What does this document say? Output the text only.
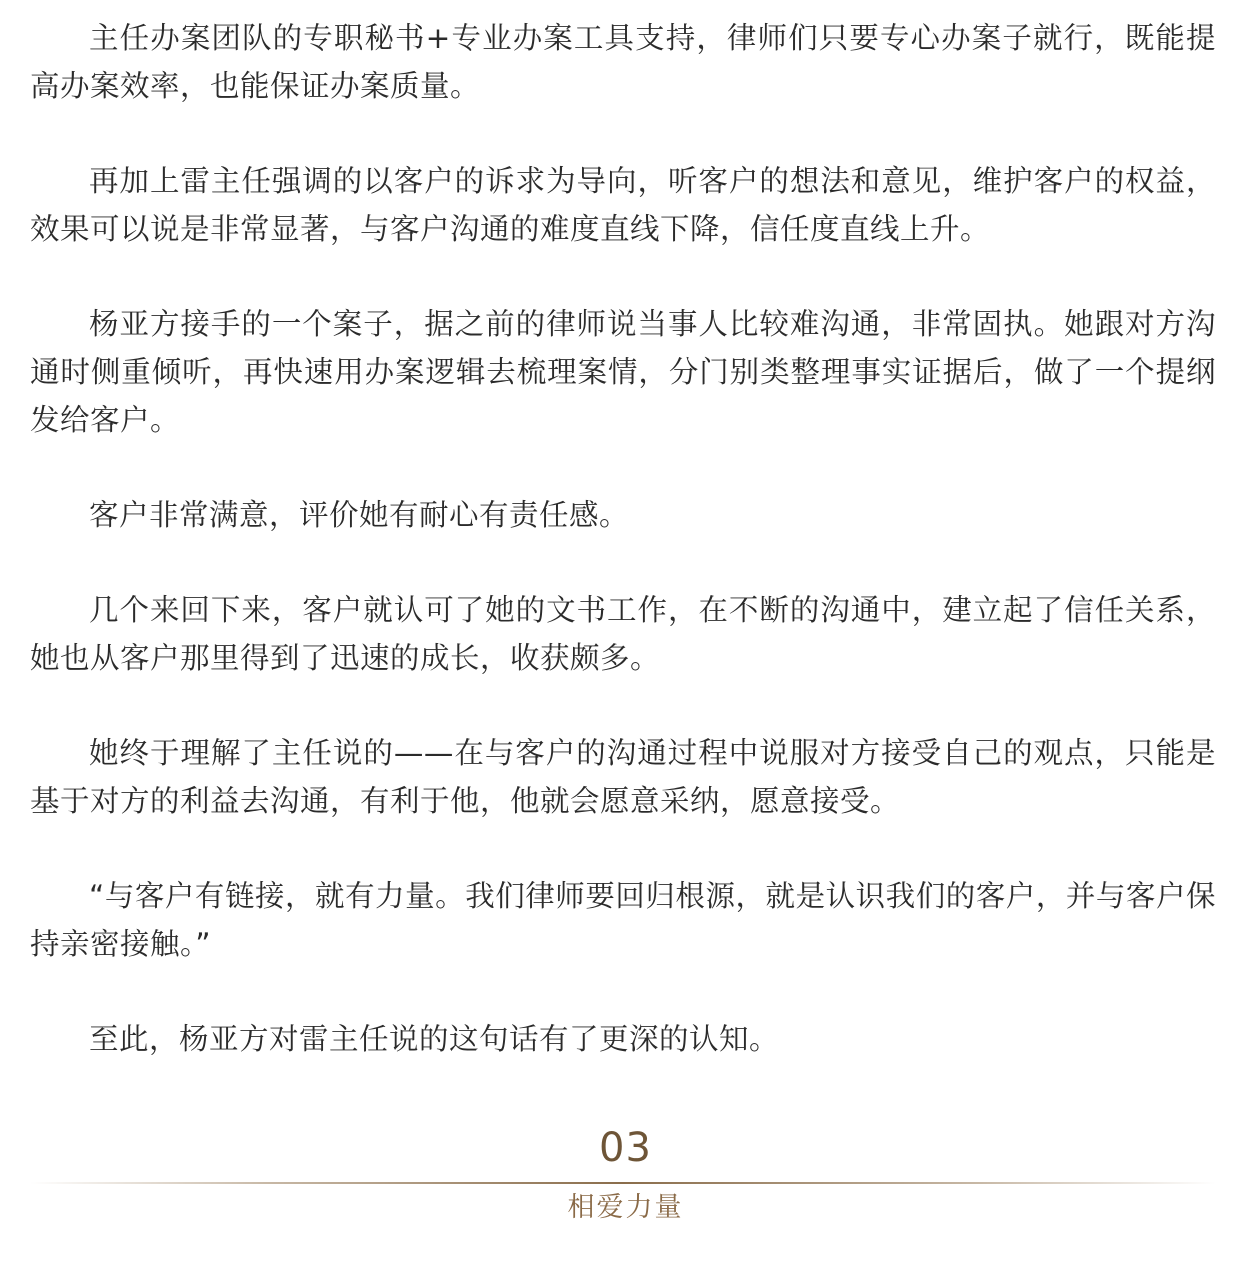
主任办案团队的专职秘书+专业办案工具支持，律师们只要专心办案子就行，既能提高办案效率，也能保证办案质量。

再加上雷主任强调的以客户的诉求为导向，听客户的想法和意见，维护客户的权益，效果可以说是非常显著，与客户沟通的难度直线下降，信任度直线上升。

杨亚方接手的一个案子，据之前的律师说当事人比较难沟通，非常固执。她跟对方沟通时侧重倾听，再快速用办案逻辑去梳理案情，分门别类整理事实证据后，做了一个提纲发给客户。

客户非常满意，评价她有耐心有责任感。

几个来回下来，客户就认可了她的文书工作，在不断的沟通中，建立起了信任关系，她也从客户那里得到了迅速的成长，收获颇多。

她终于理解了主任说的——在与客户的沟通过程中说服对方接受自己的观点，只能是基于对方的利益去沟通，有利于他，他就会愿意采纳，愿意接受。

“与客户有链接，就有力量。我们律师要回归根源，就是认识我们的客户，并与客户保持亲密接触。”

至此，杨亚方对雷主任说的这句话有了更深的认知。

03
相爱力量
